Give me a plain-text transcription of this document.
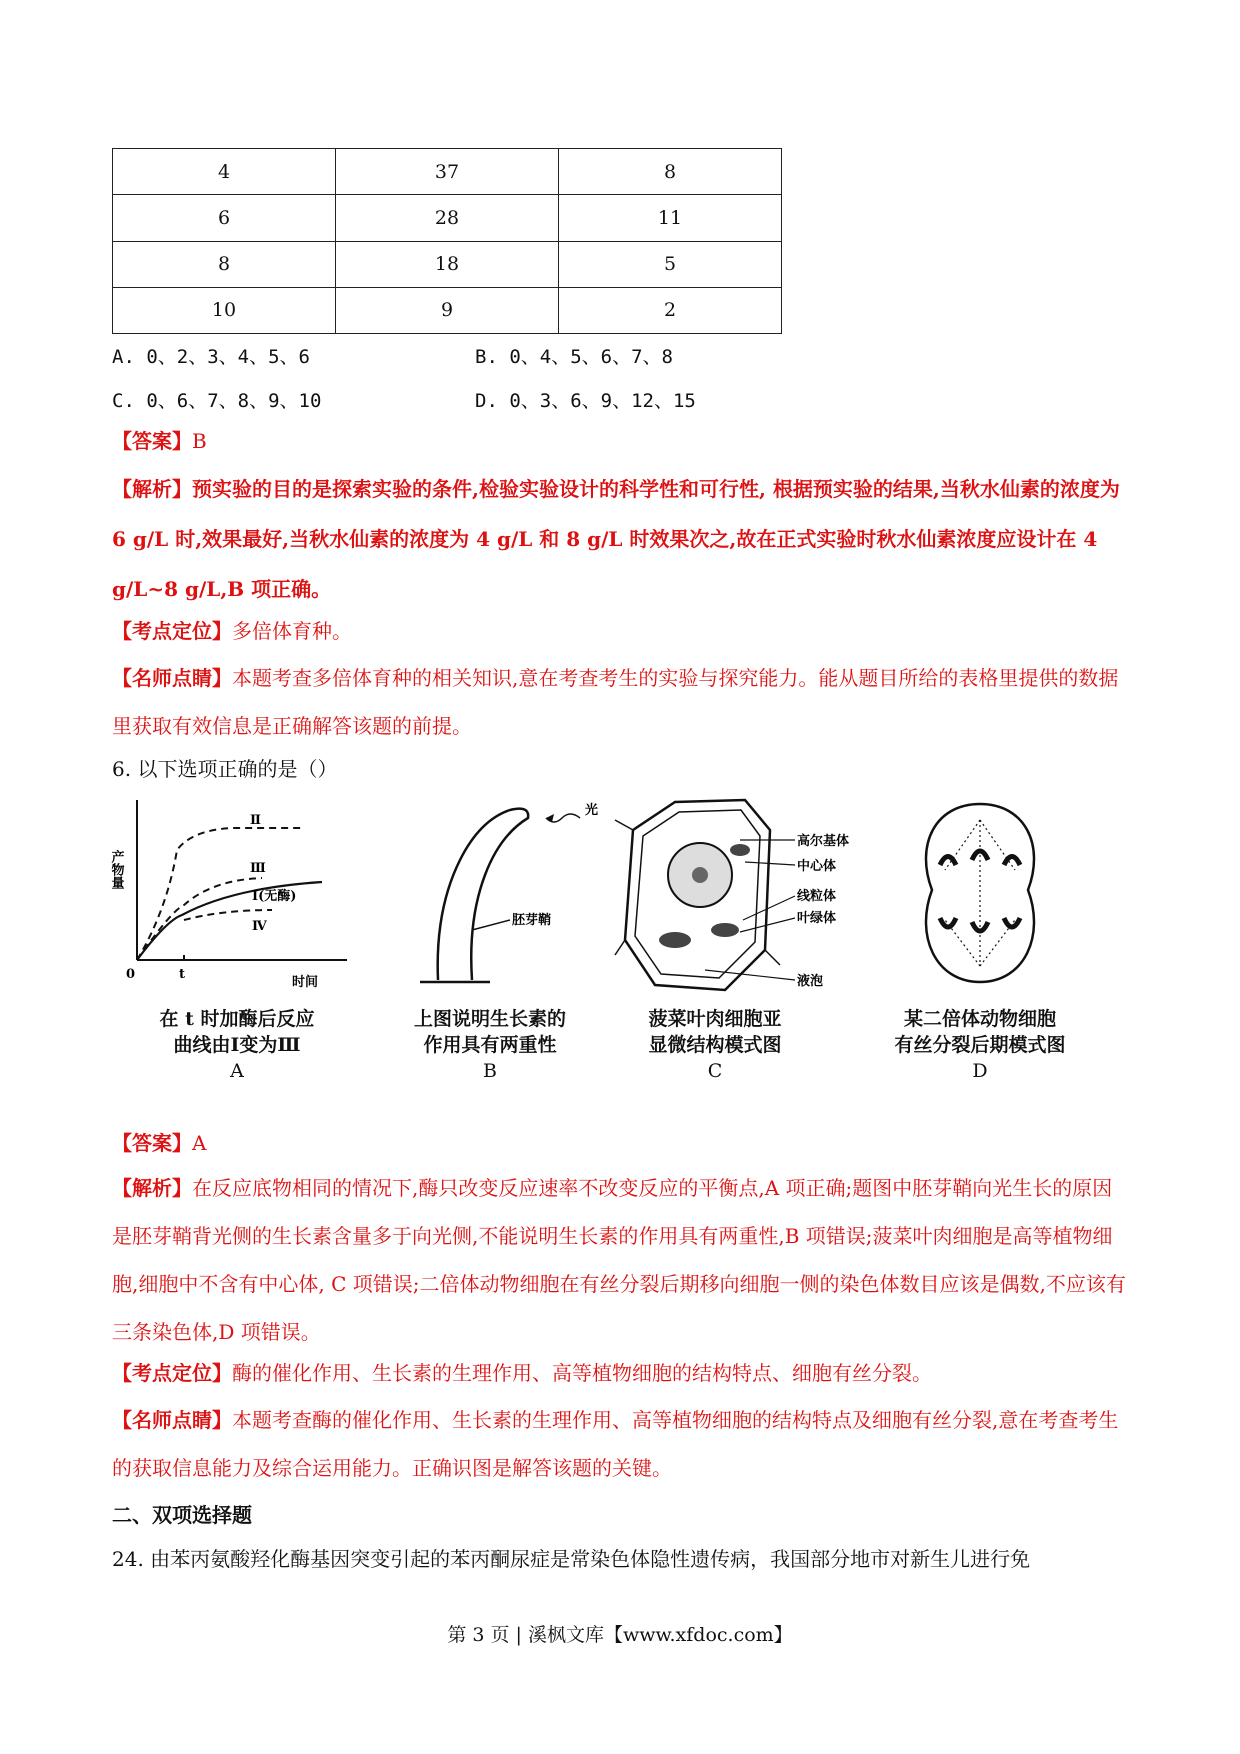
4	37	8
6	28	11
8	18	5
10	9	2
A. 0、2、3、4、5、6	B. 0、4、5、6、7、8
C. 0、6、7、8、9、10	D. 0、3、6、9、12、15
【答案】B
【解析】预实验的目的是探索实验的条件,检验实验设计的科学性和可行性, 根据预实验的结果,当秋水仙素的浓度为 6 g/L 时,效果最好,当秋水仙素的浓度为 4 g/L 和 8 g/L 时效果次之,故在正式实验时秋水仙素浓度应设计在 4 g/L~8 g/L,B 项正确。
【考点定位】多倍体育种。
【名师点睛】本题考查多倍体育种的相关知识,意在考查考生的实验与探究能力。能从题目所给的表格里提供的数据里获取有效信息是正确解答该题的前提。
6. 以下选项正确的是（）
产物量
0	t
时间
Ⅱ
Ⅲ
Ⅰ(无酶)
Ⅳ
在 t 时加酶后反应
曲线由Ⅰ变为Ⅲ
A
胚芽鞘
光
上图说明生长素的
作用具有两重性
B
高尔基体
中心体
线粒体
叶绿体
液泡
菠菜叶肉细胞亚
显微结构模式图
C
某二倍体动物细胞
有丝分裂后期模式图
D
【答案】A
【解析】在反应底物相同的情况下,酶只改变反应速率不改变反应的平衡点,A 项正确;题图中胚芽鞘向光生长的原因是胚芽鞘背光侧的生长素含量多于向光侧,不能说明生长素的作用具有两重性,B 项错误;菠菜叶肉细胞是高等植物细胞,细胞中不含有中心体, C 项错误;二倍体动物细胞在有丝分裂后期移向细胞一侧的染色体数目应该是偶数,不应该有三条染色体,D 项错误。
【考点定位】酶的催化作用、生长素的生理作用、高等植物细胞的结构特点、细胞有丝分裂。
【名师点睛】本题考查酶的催化作用、生长素的生理作用、高等植物细胞的结构特点及细胞有丝分裂,意在考查考生的获取信息能力及综合运用能力。正确识图是解答该题的关键。
二、双项选择题
24. 由苯丙氨酸羟化酶基因突变引起的苯丙酮尿症是常染色体隐性遗传病，我国部分地市对新生儿进行免
第 3 页 | 溪枫文库【www.xfdoc.com】
